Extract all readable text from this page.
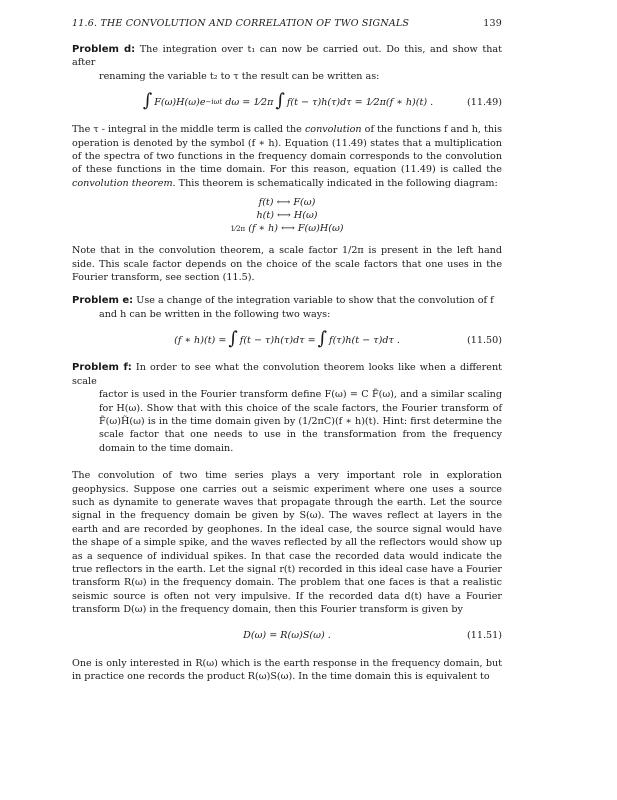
11.6. THE CONVOLUTION AND CORRELATION OF TWO SIGNALS	139

Problem d: The integration over t₁ can now be carried out. Do this, and show that after

renaming the variable t₂ to τ the result can be written as:

∫ F(ω)H(ω)e −iωt
dω =
1⁄2π ∫ f(t − τ)h(τ)dτ =
1⁄2π (f ∗ h)(t) .	(11.49)

The τ - integral in the middle term is called the convolution of the functions f and h, this operation is denoted by the symbol (f ∗ h). Equation (11.49) states that a multiplication of the spectra of two functions in the frequency domain corresponds to the convolution of these functions in the time domain. For this reason, equation (11.49) is called the convolution theorem. This theorem is schematically indicated in the following diagram:

f(t) ⟷ F(ω)
h(t) ⟷ H(ω)
1⁄2π (f ∗ h) ⟷ F(ω)H(ω)

Note that in the convolution theorem, a scale factor 1/2π is present in the left hand side. This scale factor depends on the choice of the scale factors that one uses in the Fourier transform, see section (11.5).

Problem e: Use a change of the integration variable to show that the convolution of f

and h can be written in the following two ways:

(f ∗ h)(t) = ∫ f(t − τ)h(τ)dτ = ∫ f(τ)h(t − τ)dτ .	(11.50)

Problem f: In order to see what the convolution theorem looks like when a different scale

factor is used in the Fourier transform define F(ω) = C F̃(ω), and a similar scaling for H(ω). Show that with this choice of the scale factors, the Fourier transform of F̃(ω)H̃(ω) is in the time domain given by (1/2πC)(f ∗ h)(t). Hint: first determine the scale factor that one needs to use in the transformation from the frequency domain to the time domain.

The convolution of two time series plays a very important role in exploration geophysics. Suppose one carries out a seismic experiment where one uses a source such as dynamite to generate waves that propagate through the earth. Let the source signal in the frequency domain be given by S(ω). The waves reflect at layers in the earth and are recorded by geophones. In the ideal case, the source signal would have the shape of a simple spike, and the waves reflected by all the reflectors would show up as a sequence of individual spikes. In that case the recorded data would indicate the true reflectors in the earth. Let the signal r(t) recorded in this ideal case have a Fourier transform R(ω) in the frequency domain. The problem that one faces is that a realistic seismic source is often not very impulsive. If the recorded data d(t) have a Fourier transform D(ω) in the frequency domain, then this Fourier transform is given by

D(ω) = R(ω)S(ω) .	(11.51)

One is only interested in R(ω) which is the earth response in the frequency domain, but in practice one records the product R(ω)S(ω). In the time domain this is equivalent to
